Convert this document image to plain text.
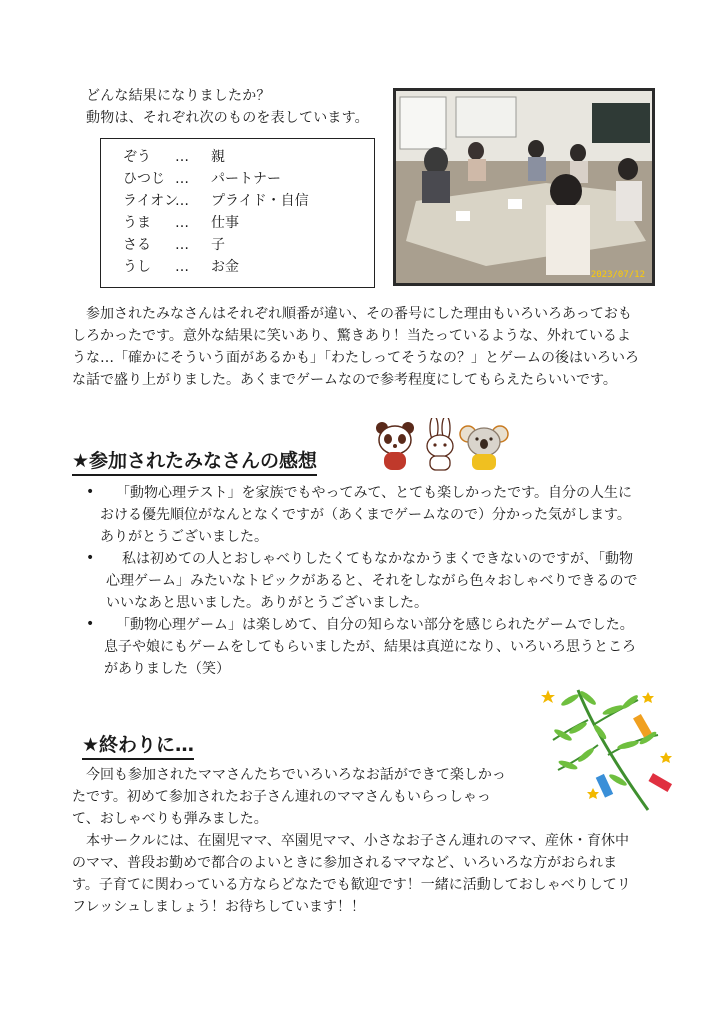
どんな結果になりましたか？
動物は、それぞれ次のものを表しています。
ぞう … 親
ひつじ … パートナー
ライオン
… プライド・自信
うま … 仕事
さる … 子
うし … お金	2023/07/12
参加されたみなさんはそれぞれ順番が違い、その番号にした理由もいろいろあっておも
しろかったです。意外な結果に笑いあり、驚きあり！当たっているような、外れているよ
うな…「確かにそういう面があるかも」「わたしってそうなの？」とゲームの後はいろいろ
な話で盛り上がりました。あくまでゲームなので参考程度にしてもらえたらいいです。
★参加されたみなさんの感想
• 「動物心理テスト」を家族でもやってみて、とても楽しかったです。自分の人生に
おける優先順位がなんとなくですが（あくまでゲームなので）分かった気がします。
ありがとうございました。
• 私は初めての人とおしゃべりしたくてもなかなかうまくできないのですが、「動物
心理ゲーム」みたいなトピックがあると、それをしながら色々おしゃべりできるので
いいなあと思いました。ありがとうございました。
• 「動物心理ゲーム」は楽しめて、自分の知らない部分を感じられたゲームでした。
息子や娘にもゲームをしてもらいましたが、結果は真逆になり、いろいろ思うところ
がありました（笑）
★終わりに…
今回も参加されたママさんたちでいろいろなお話ができて楽しかっ
たです。初めて参加されたお子さん連れのママさんもいらっしゃっ
て、おしゃべりも弾みました。
本サークルには、在園児ママ、卒園児ママ、小さなお子さん連れのママ、産休・育休中
のママ、普段お勤めで都合のよいときに参加されるママなど、いろいろな方がおられま
す。子育てに関わっている方ならどなたでも歓迎です！一緒に活動しておしゃべりしてリ
フレッシュしましょう！お待ちしています！！
